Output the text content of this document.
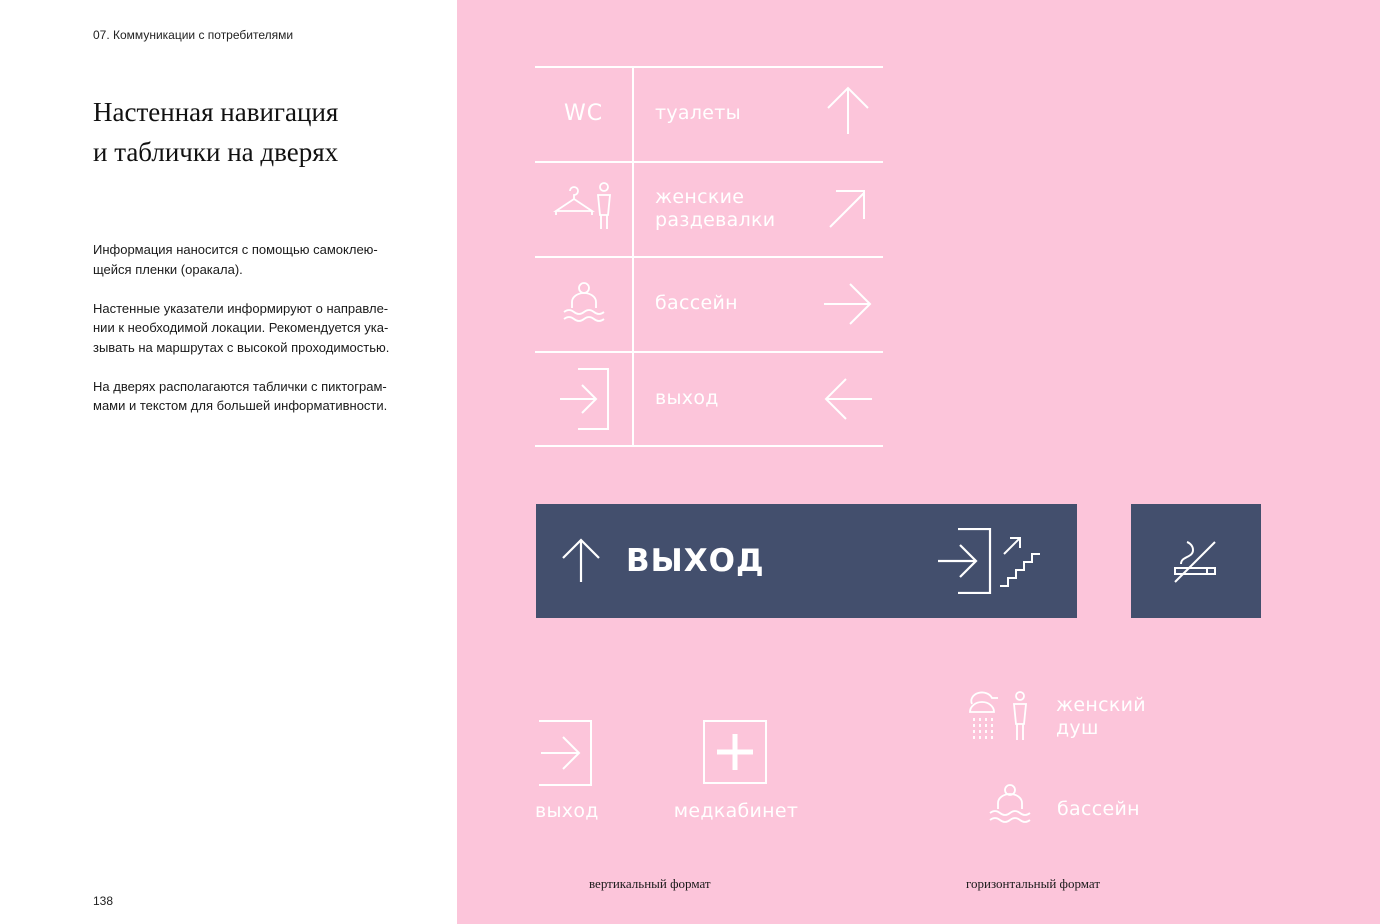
07. Коммуникации с потребителями
Настенная навигация
и таблички на дверях

Информация наносится с помощью самоклею-
щейся пленки (оракала).

Настенные указатели информируют о направле-
нии к необходимой локации. Рекомендуется ука-
зывать на маршрутах с высокой проходимостью.

На дверях располагаются таблички с пиктограм-
мами и текстом для большей информативности.

138
WC	туалеты
женские
раздевалки
бассейн
выход
ВЫХОД
выход	медкабинет
женский
душ
бассейн
вертикальный формат	горизонтальный формат
